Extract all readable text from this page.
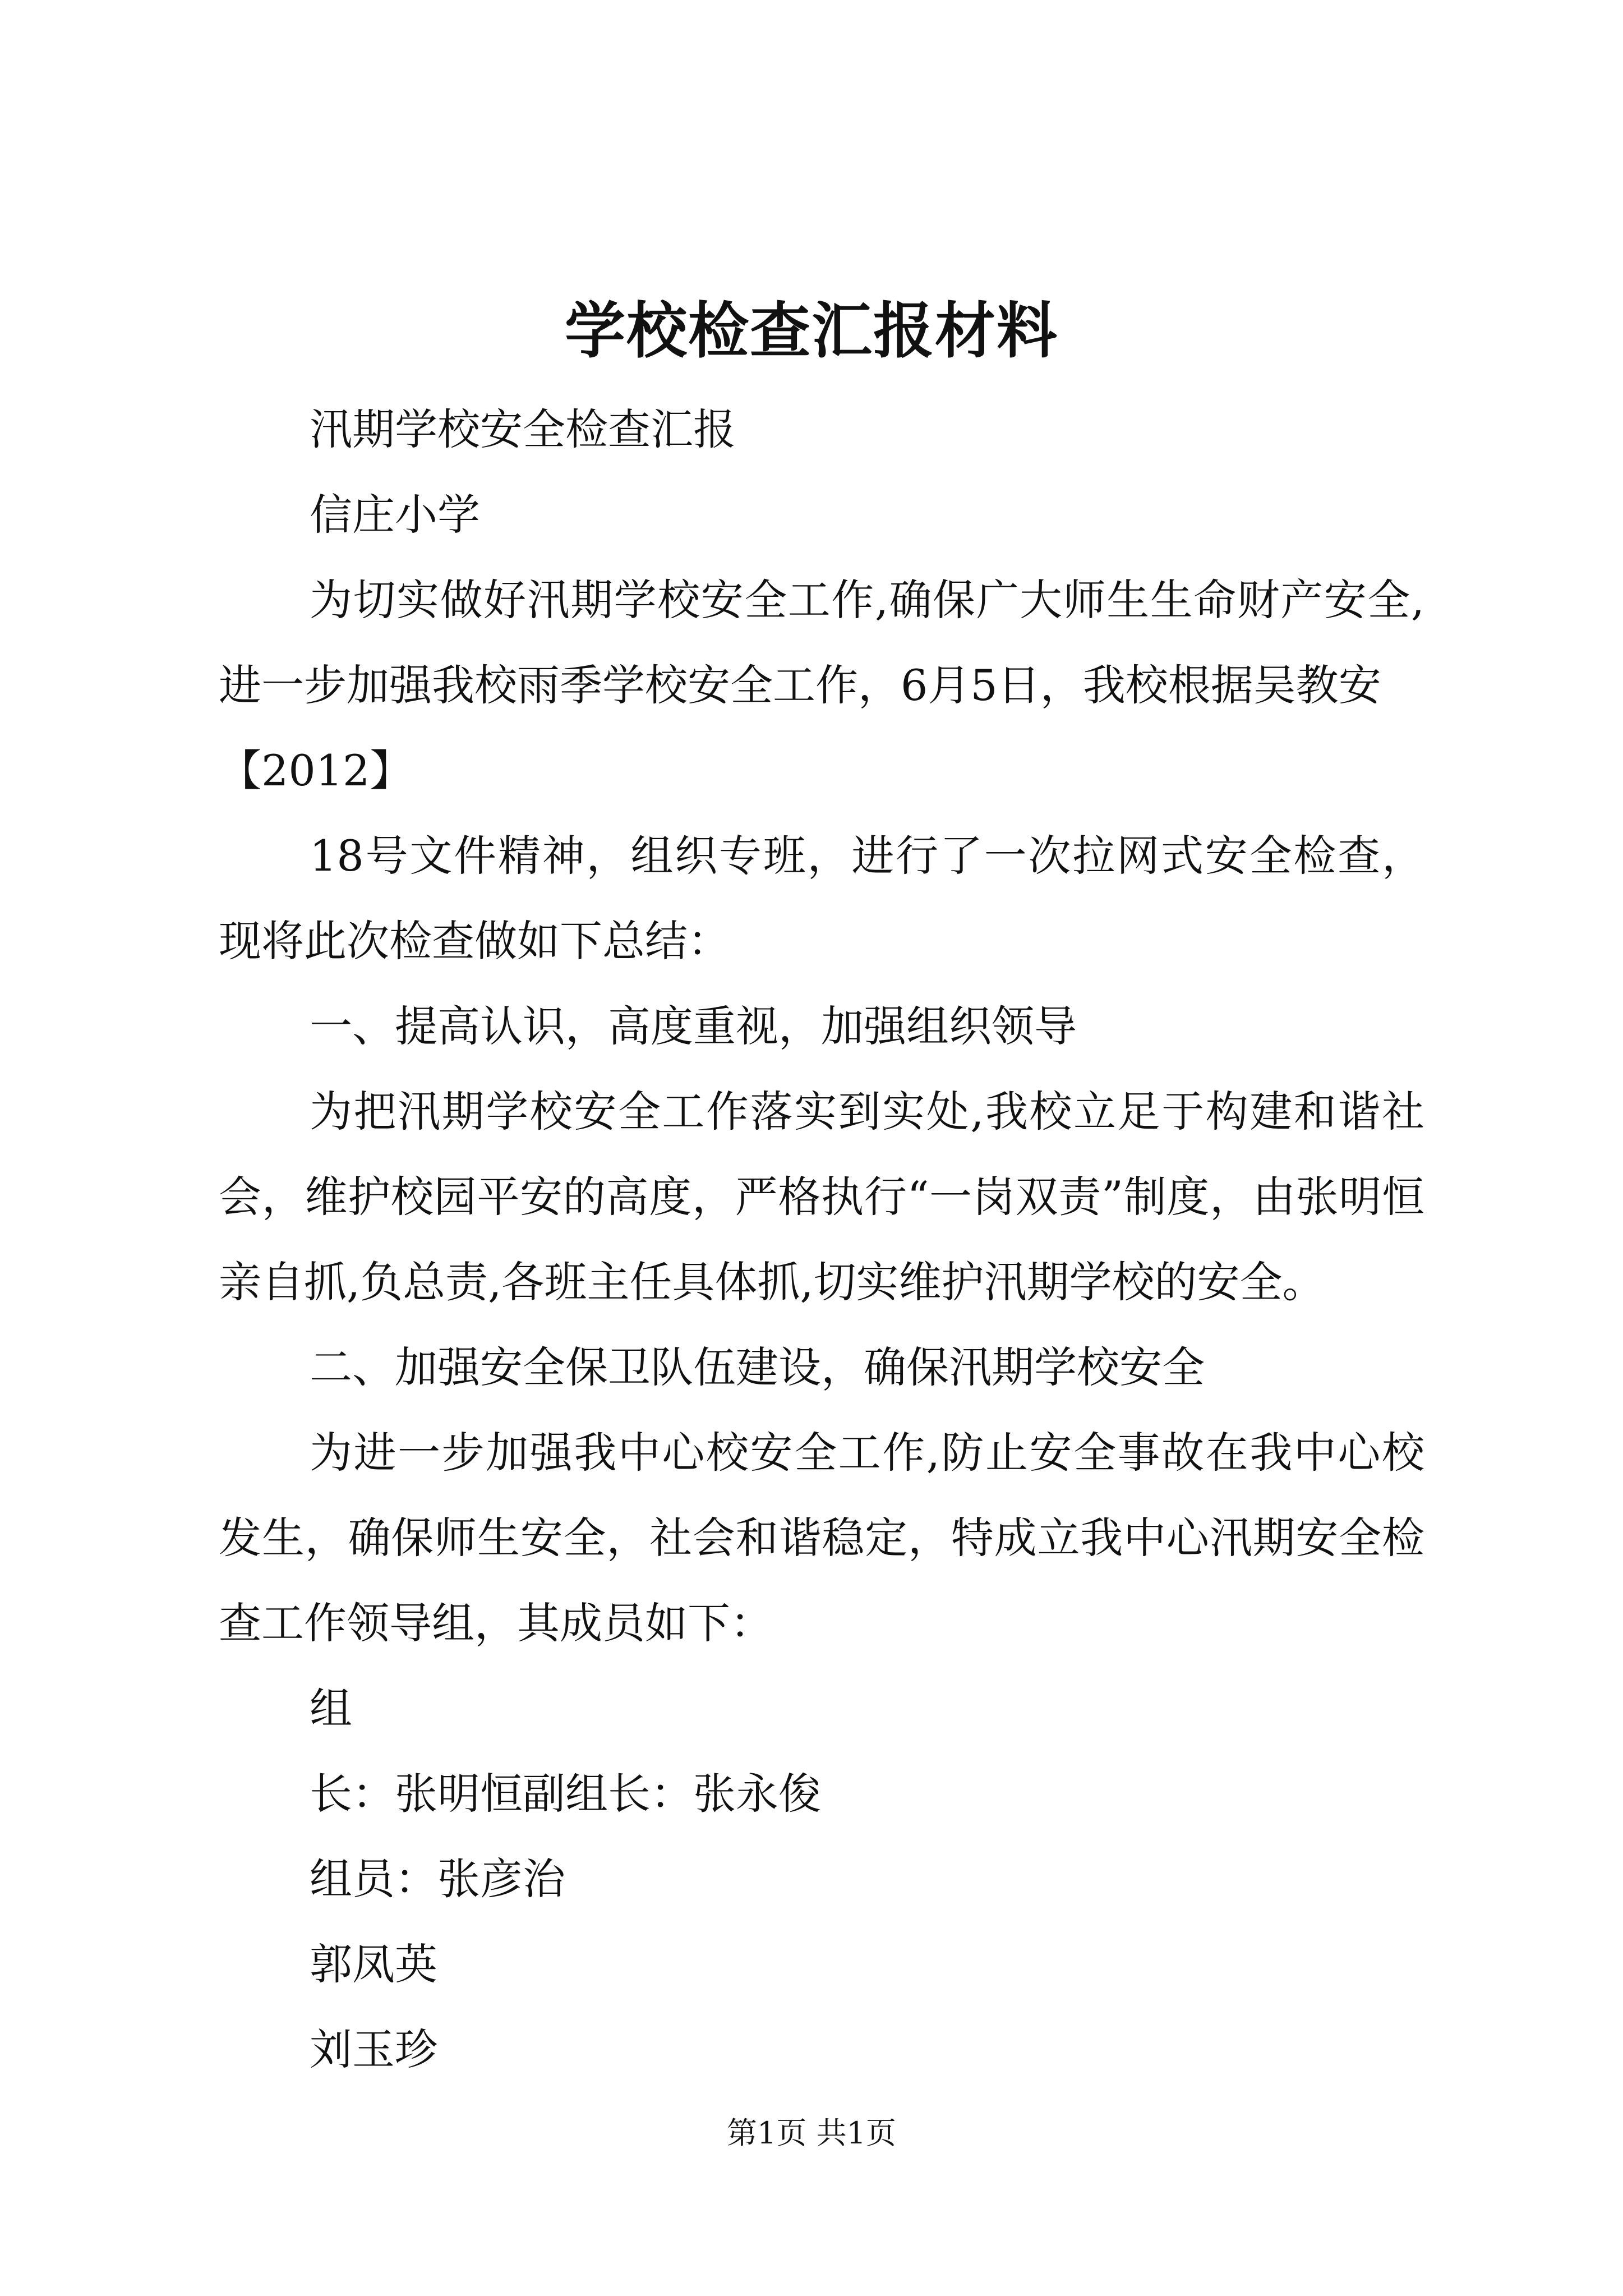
学校检查汇报材料

汛期学校安全检查汇报

信庄小学

为切实做好汛期学校安全工作,确保广大师生生命财产安全,进一步加强我校雨季学校安全工作，6月5日，我校根据吴教安

【2012】

18号文件精神，组织专班，进行了一次拉网式安全检查，现将此次检查做如下总结：

一、提高认识，高度重视，加强组织领导

为把汛期学校安全工作落实到实处,我校立足于构建和谐社会，维护校园平安的高度，严格执行“一岗双责”制度，由张明恒亲自抓,负总责,各班主任具体抓,切实维护汛期学校的安全。

二、加强安全保卫队伍建设，确保汛期学校安全

为进一步加强我中心校安全工作,防止安全事故在我中心校发生，确保师生安全，社会和谐稳定，特成立我中心汛期安全检查工作领导组，其成员如下：

组

长：张明恒副组长：张永俊

组员：张彦治

郭凤英

刘玉珍

第1页 共1页
